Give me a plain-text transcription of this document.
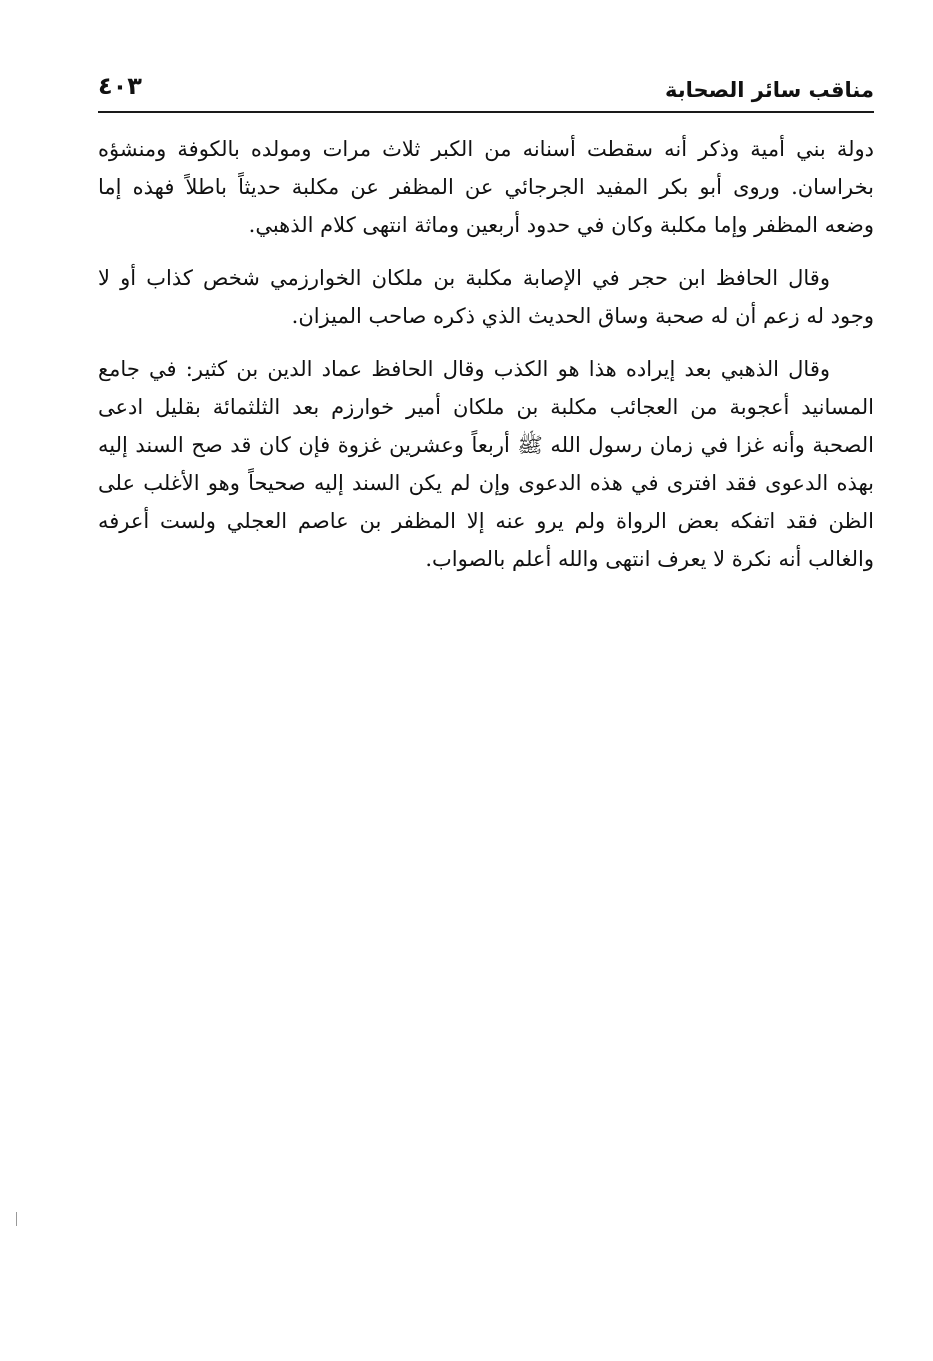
مناقب سائر الصحابة
٤٠٣
دولة بني أمية وذكر أنه سقطت أسنانه من الكبر ثلاث مرات ومولده بالكوفة ومنشؤه
بخراسان. وروى أبو بكر المفيد الجرجائي عن المظفر عن مكلبة حديثاً باطلاً فهذه إما
وضعه المظفر وإما مكلبة وكان في حدود أربعين وماثة انتهى كلام الذهبي.
وقال الحافظ ابن حجر في الإصابة مكلبة بن ملكان الخوارزمي شخص كذاب أو لا
وجود له زعم أن له صحبة وساق الحديث الذي ذكره صاحب الميزان.
وقال الذهبي بعد إيراده هذا هو الكذب وقال الحافظ عماد الدين بن كثير: في جامع
المسانيد أعجوبة من العجائب مكلبة بن ملكان أمير خوارزم بعد الثلثمائة بقليل ادعى
الصحبة وأنه غزا في زمان رسول الله ﷺ أربعاً وعشرين غزوة فإن كان قد صح السند إليه
بهذه الدعوى فقد افترى في هذه الدعوى وإن لم يكن السند إليه صحيحاً وهو الأغلب على
الظن فقد اتفكه بعض الرواة ولم يرو عنه إلا المظفر بن عاصم العجلي ولست أعرفه
والغالب أنه نكرة لا يعرف انتهى والله أعلم بالصواب.
